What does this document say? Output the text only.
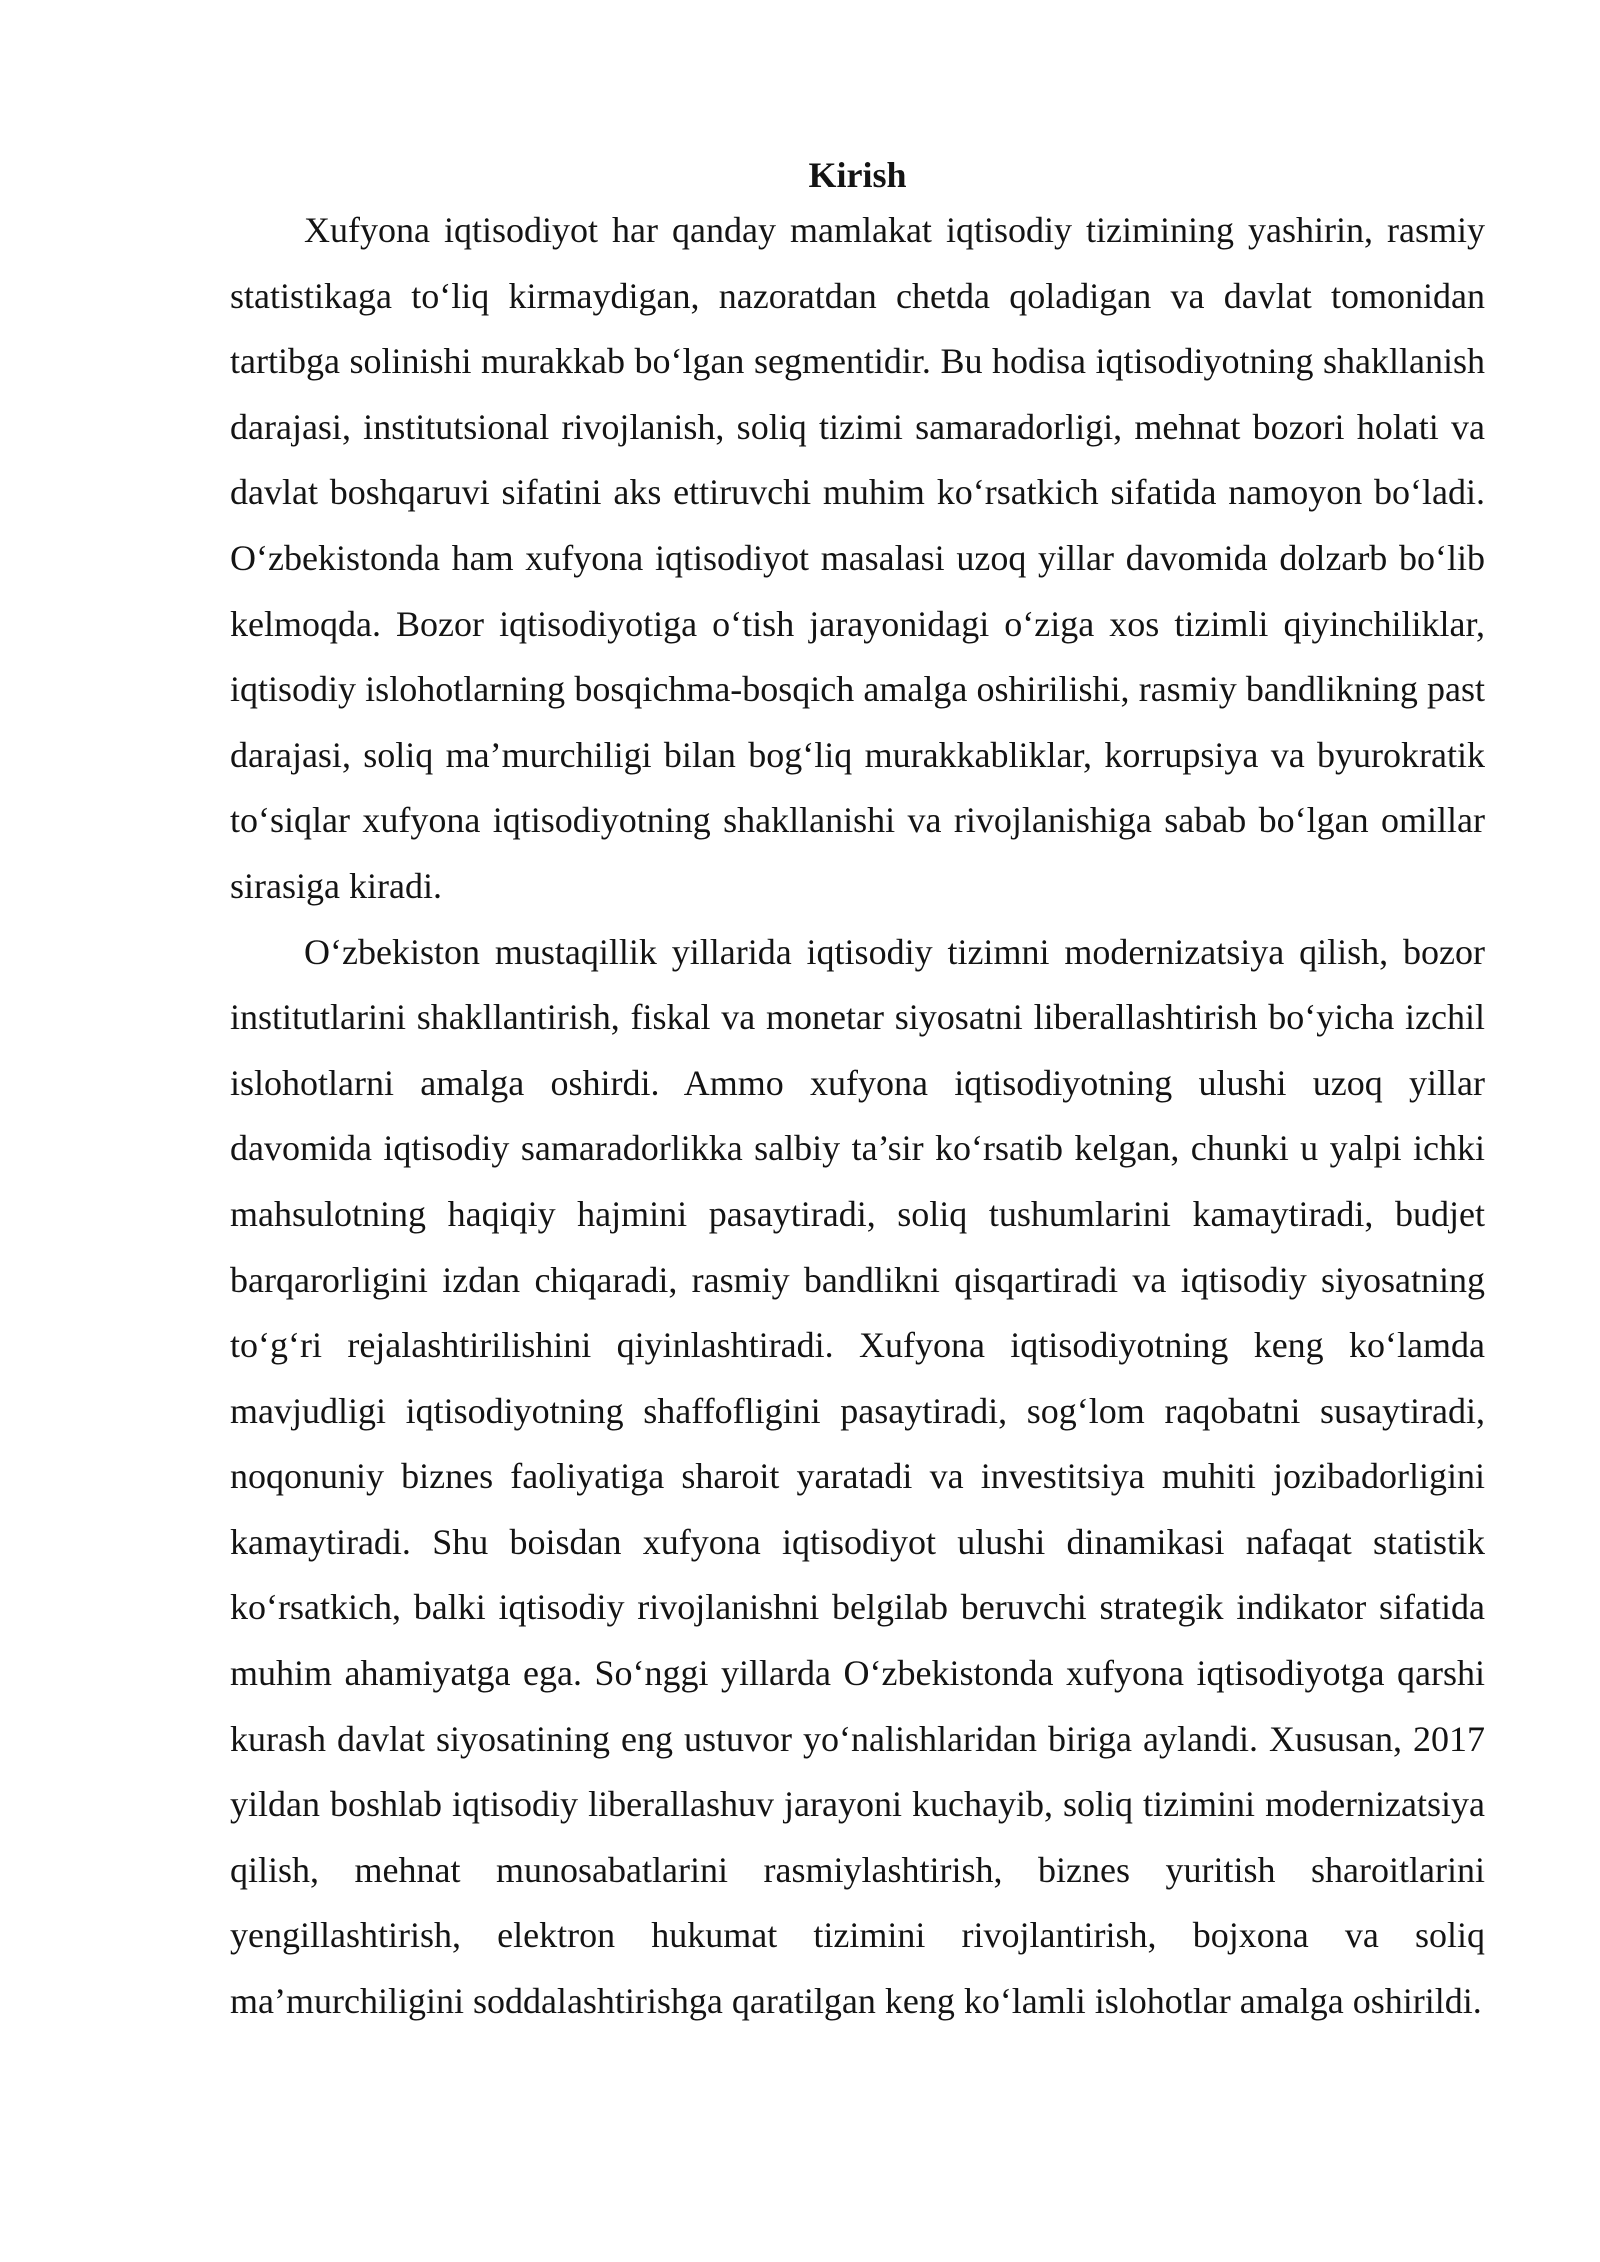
Kirish

Xufyona iqtisodiyot har qanday mamlakat iqtisodiy tizimining yashirin, rasmiy statistikaga to‘liq kirmaydigan, nazoratdan chetda qoladigan va davlat tomonidan tartibga solinishi murakkab bo‘lgan segmentidir. Bu hodisa iqtisodiyotning shakllanish darajasi, institutsional rivojlanish, soliq tizimi samaradorligi, mehnat bozori holati va davlat boshqaruvi sifatini aks ettiruvchi muhim ko‘rsatkich sifatida namoyon bo‘ladi. O‘zbekistonda ham xufyona iqtisodiyot masalasi uzoq yillar davomida dolzarb bo‘lib kelmoqda. Bozor iqtisodiyotiga o‘tish jarayonidagi o‘ziga xos tizimli qiyinchiliklar, iqtisodiy islohotlarning bosqichma-bosqich amalga oshirilishi, rasmiy bandlikning past darajasi, soliq ma’murchiligi bilan bog‘liq murakkabliklar, korrupsiya va byurokratik to‘siqlar xufyona iqtisodiyotning shakllanishi va rivojlanishiga sabab bo‘lgan omillar sirasiga kiradi.

O‘zbekiston mustaqillik yillarida iqtisodiy tizimni modernizatsiya qilish, bozor institutlarini shakllantirish, fiskal va monetar siyosatni liberallashtirish bo‘yicha izchil islohotlarni amalga oshirdi. Ammo xufyona iqtisodiyotning ulushi uzoq yillar davomida iqtisodiy samaradorlikka salbiy ta’sir ko‘rsatib kelgan, chunki u yalpi ichki mahsulotning haqiqiy hajmini pasaytiradi, soliq tushumlarini kamaytiradi, budjet barqarorligini izdan chiqaradi, rasmiy bandlikni qisqartiradi va iqtisodiy siyosatning to‘g‘ri rejalashtirilishini qiyinlashtiradi. Xufyona iqtisodiyotning keng ko‘lamda mavjudligi iqtisodiyotning shaffofligini pasaytiradi, sog‘lom raqobatni susaytiradi, noqonuniy biznes faoliyatiga sharoit yaratadi va investitsiya muhiti jozibadorligini kamaytiradi. Shu boisdan xufyona iqtisodiyot ulushi dinamikasi nafaqat statistik ko‘rsatkich, balki iqtisodiy rivojlanishni belgilab beruvchi strategik indikator sifatida muhim ahamiyatga ega. So‘nggi yillarda O‘zbekistonda xufyona iqtisodiyotga qarshi kurash davlat siyosatining eng ustuvor yo‘nalishlaridan biriga aylandi. Xususan, 2017 yildan boshlab iqtisodiy liberallashuv jarayoni kuchayib, soliq tizimini modernizatsiya qilish, mehnat munosabatlarini rasmiylashtirish, biznes yuritish sharoitlarini yengillashtirish, elektron hukumat tizimini rivojlantirish, bojxona va soliq ma’murchiligini soddalashtirishga qaratilgan keng ko‘lamli islohotlar amalga oshirildi.
